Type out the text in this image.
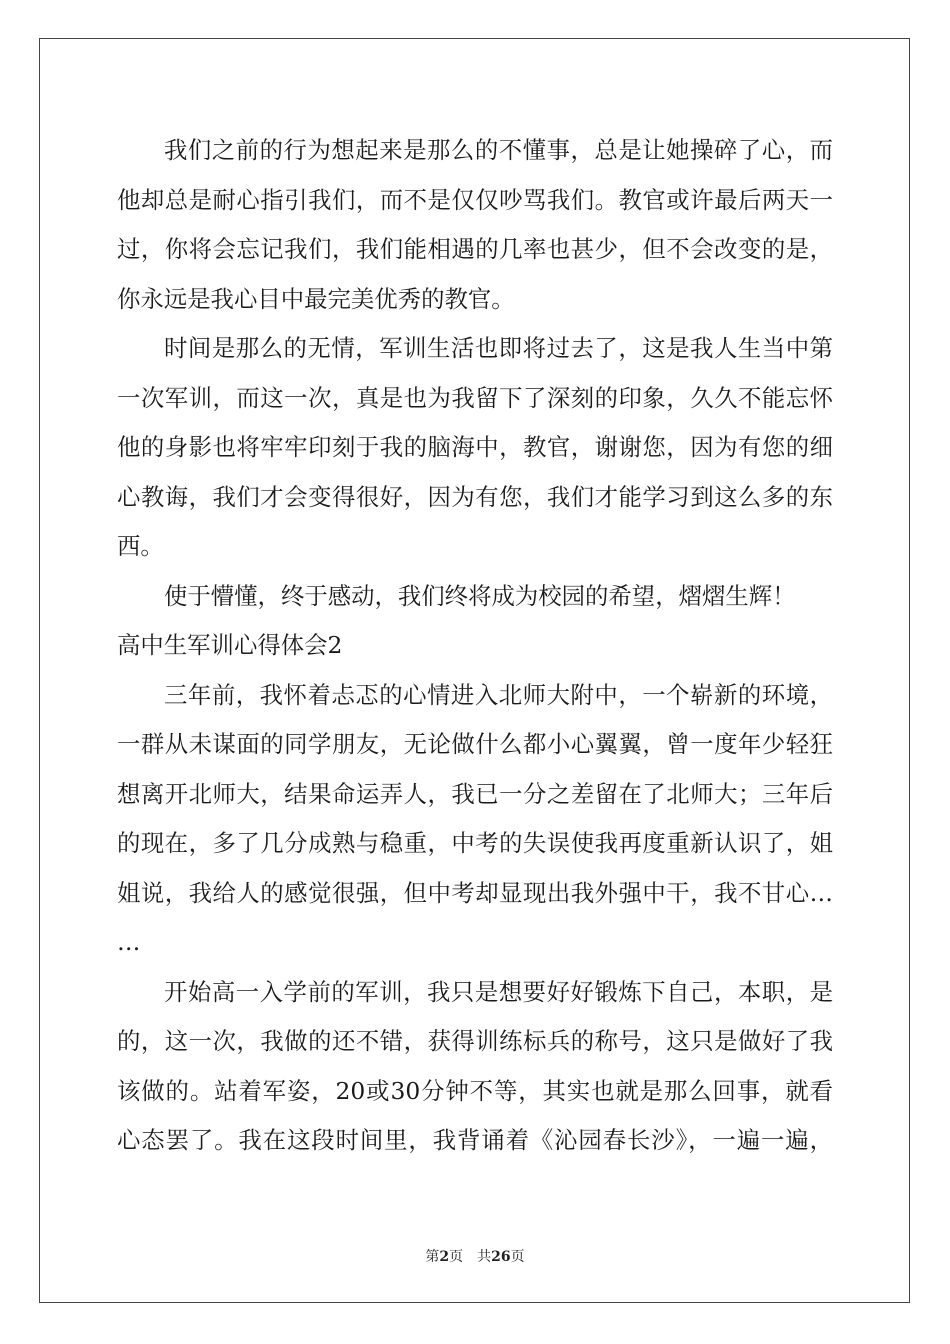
我们之前的行为想起来是那么的不懂事，总是让她操碎了心，而
他却总是耐心指引我们，而不是仅仅吵骂我们。教官或许最后两天一
过，你将会忘记我们，我们能相遇的几率也甚少，但不会改变的是，
你永远是我心目中最完美优秀的教官。
时间是那么的无情，军训生活也即将过去了，这是我人生当中第
一次军训，而这一次，真是也为我留下了深刻的印象，久久不能忘怀
他的身影也将牢牢印刻于我的脑海中，教官，谢谢您，因为有您的细
心教诲，我们才会变得很好，因为有您，我们才能学习到这么多的东
西。
使于懵懂，终于感动，我们终将成为校园的希望，熠熠生辉！
高中生军训心得体会2
三年前，我怀着忐忑的心情进入北师大附中，一个崭新的环境，
一群从未谋面的同学朋友，无论做什么都小心翼翼，曾一度年少轻狂
想离开北师大，结果命运弄人，我已一分之差留在了北师大；三年后
的现在，多了几分成熟与稳重，中考的失误使我再度重新认识了，姐
姐说，我给人的感觉很强，但中考却显现出我外强中干，我不甘心…
…
开始高一入学前的军训，我只是想要好好锻炼下自己，本职，是
的，这一次，我做的还不错，获得训练标兵的称号，这只是做好了我
该做的。站着军姿，20或30分钟不等，其实也就是那么回事，就看
心态罢了。我在这段时间里，我背诵着《沁园春长沙》，一遍一遍，
第2页 共26页
